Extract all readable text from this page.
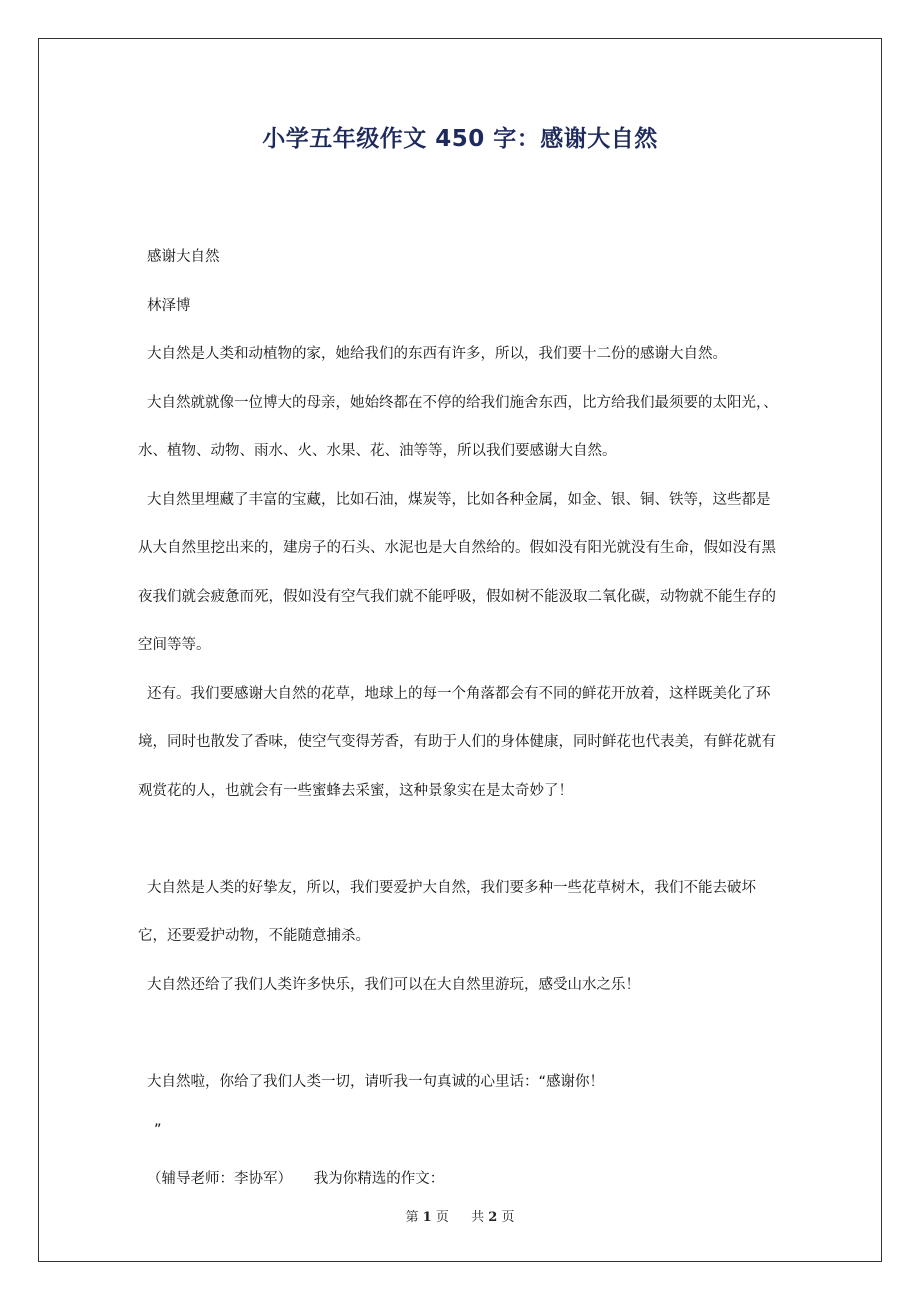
小学五年级作文 450 字：感谢大自然

感谢大自然

林泽博

大自然是人类和动植物的家，她给我们的东西有许多，所以，我们要十二份的感谢大自然。

大自然就就像一位博大的母亲，她始终都在不停的给我们施舍东西，比方给我们最须要的太阳光，、水、植物、动物、雨水、火、水果、花、油等等，所以我们要感谢大自然。

大自然里埋藏了丰富的宝藏，比如石油，煤炭等，比如各种金属，如金、银、铜、铁等，这些都是从大自然里挖出来的，建房子的石头、水泥也是大自然给的。假如没有阳光就没有生命，假如没有黑夜我们就会疲惫而死，假如没有空气我们就不能呼吸，假如树不能汲取二氧化碳，动物就不能生存的空间等等。

还有。我们要感谢大自然的花草，地球上的每一个角落都会有不同的鲜花开放着，这样既美化了环境，同时也散发了香味，使空气变得芳香，有助于人们的身体健康，同时鲜花也代表美，有鲜花就有观赏花的人，也就会有一些蜜蜂去采蜜，这种景象实在是太奇妙了！

大自然是人类的好挚友，所以，我们要爱护大自然，我们要多种一些花草树木，我们不能去破坏它，还要爱护动物，不能随意捕杀。

大自然还给了我们人类许多快乐，我们可以在大自然里游玩，感受山水之乐！

大自然啦，你给了我们人类一切，请听我一句真诚的心里话：“感谢你！

”

（辅导老师：李协军）　　我为你精选的作文：

第 1 页 共 2 页
